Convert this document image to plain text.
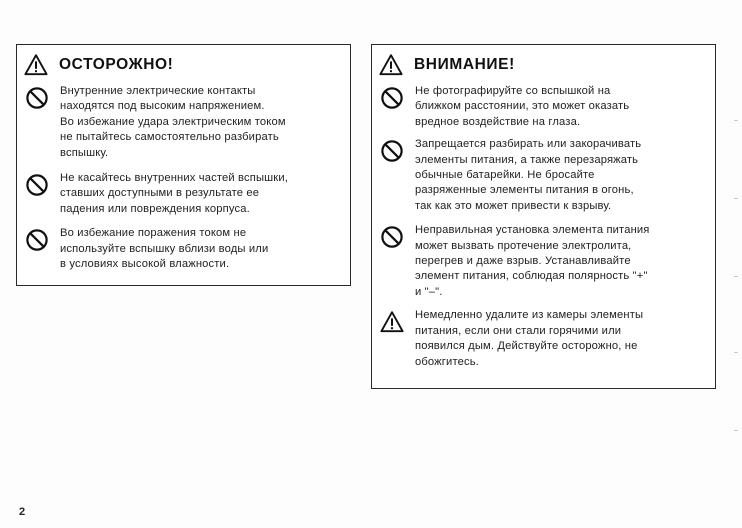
ОСТОРОЖНО!
Внутренние электрические контакты
находятся под высоким напряжением.
Во избежание удара электрическим током
не пытайтесь самостоятельно разбирать
вспышку.
Не касайтесь внутренних частей вспышки,
ставших доступными в результате ее
падения или повреждения корпуса.
Во избежание поражения током не
используйте вспышку вблизи воды или
в условиях высокой влажности.
ВНИМАНИЕ!
Не фотографируйте со вспышкой на
ближком расстоянии, это может оказать
вредное воздействие на глаза.
Запрещается разбирать или закорачивать
элементы питания, а также перезаряжать
обычные батарейки. Не бросайте
разряженные элементы питания в огонь,
так как это может привести к взрыву.
Неправильная установка элемента питания
может вызвать протечение электролита,
перегрев и даже взрыв. Устанавливайте
элемент питания, соблюдая полярность "+"
и "–".
Немедленно удалите из камеры элементы
питания, если они стали горячими или
появился дым. Действуйте осторожно, не
обожгитесь.
2
